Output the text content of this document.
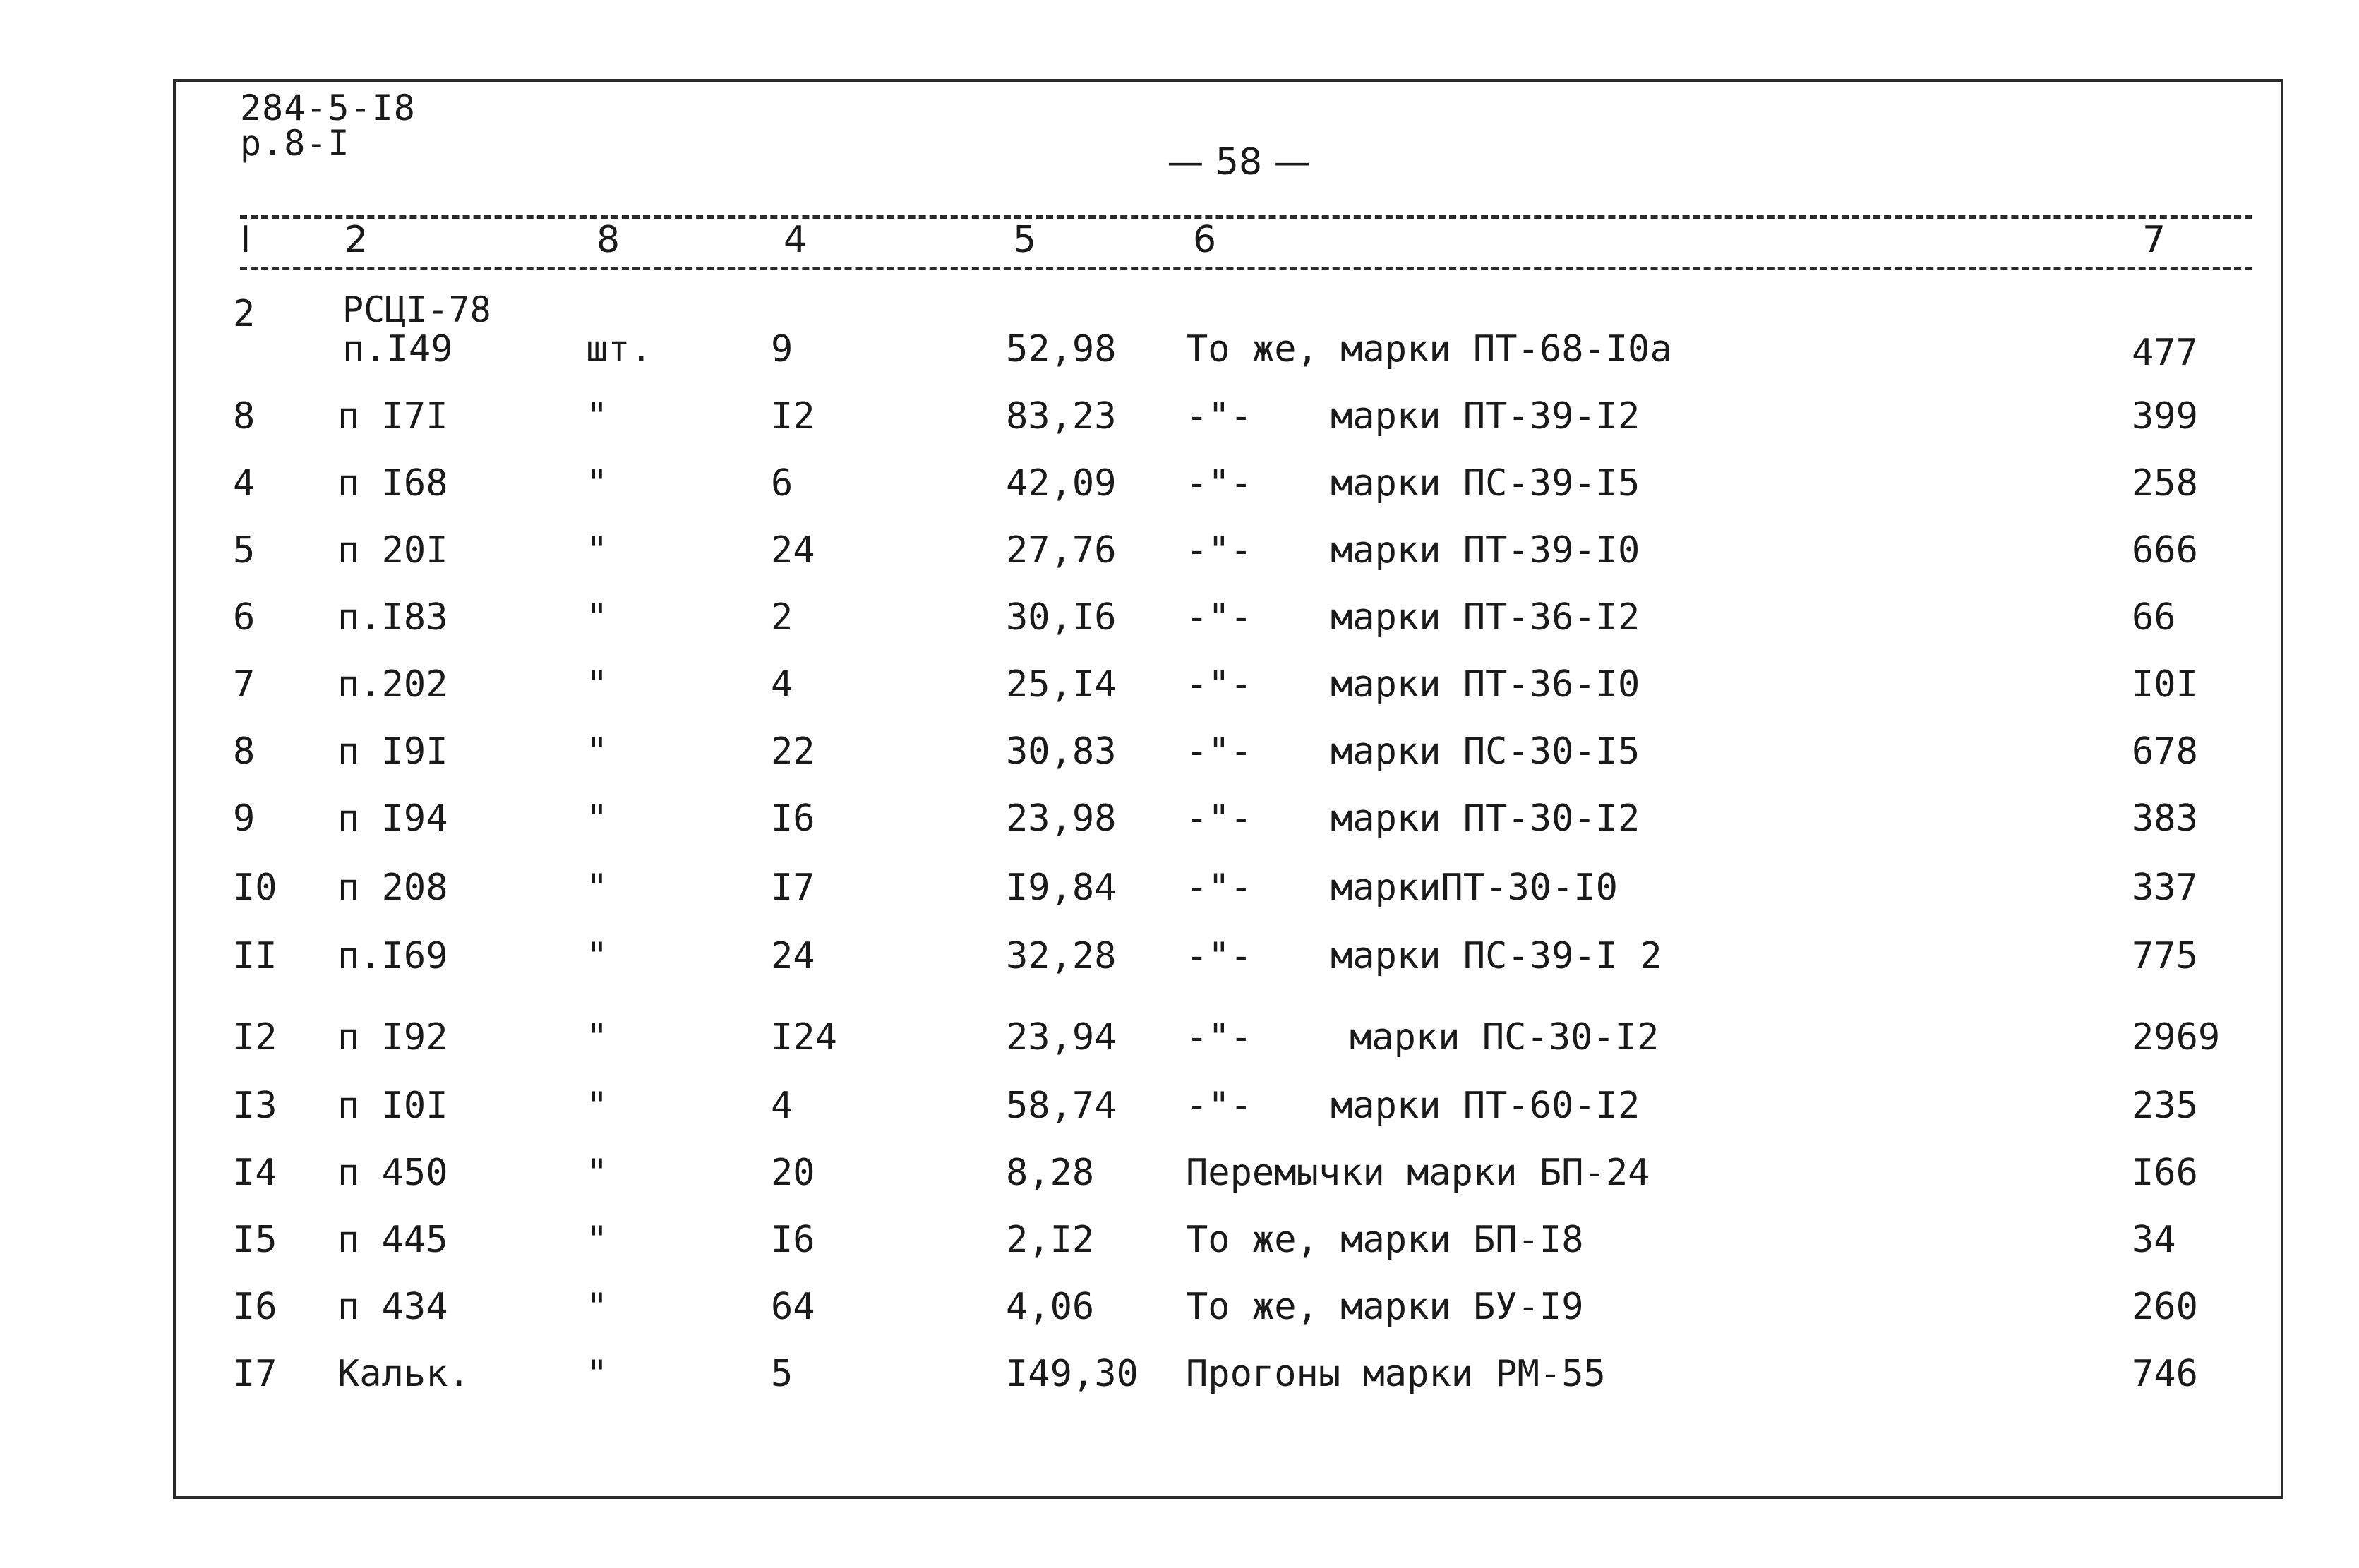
284-5-I8
р.8-I	— 58 —
I	2	8	4	5	6	7
2 РСЦI-78
п.I49	шт.	9	52,98 То же, марки ПТ-68-I0а	477
8 п I7I	"	I2	83,23 -"- марки ПТ-39-I2	399
4 п I68	"	6	42,09 -"- марки ПС-39-I5	258
5 п 20I	"	24	27,76 -"- марки ПТ-39-I0	666
6 п.I83	"	2	30,I6 -"- марки ПТ-36-I2	66
7 п.202	"	4	25,I4 -"- марки ПТ-36-I0	I0I
8 п I9I	"	22	30,83 -"- марки ПС-30-I5	678
9 п I94	"	I6	23,98 -"- марки ПТ-30-I2	383
I0 п 208	"	I7	I9,84 -"- маркиПТ-30-I0	337
II п.I69	"	24	32,28 -"- марки ПС-39-I 2	775
I2 п I92	"	I24	23,94 -"-	марки ПС-30-I2	2969
I3 п I0I	"	4	58,74 -"- марки ПТ-60-I2	235
I4 п 450	"	20	8,28 Перемычки марки БП-24	I66
I5 п 445	"	I6	2,I2 То же, марки БП-I8	34
I6 п 434	"	64	4,06 То же, марки БУ-I9	260
I7 Кальк.	"	5	I49,30 Прогоны марки РМ-55	746
